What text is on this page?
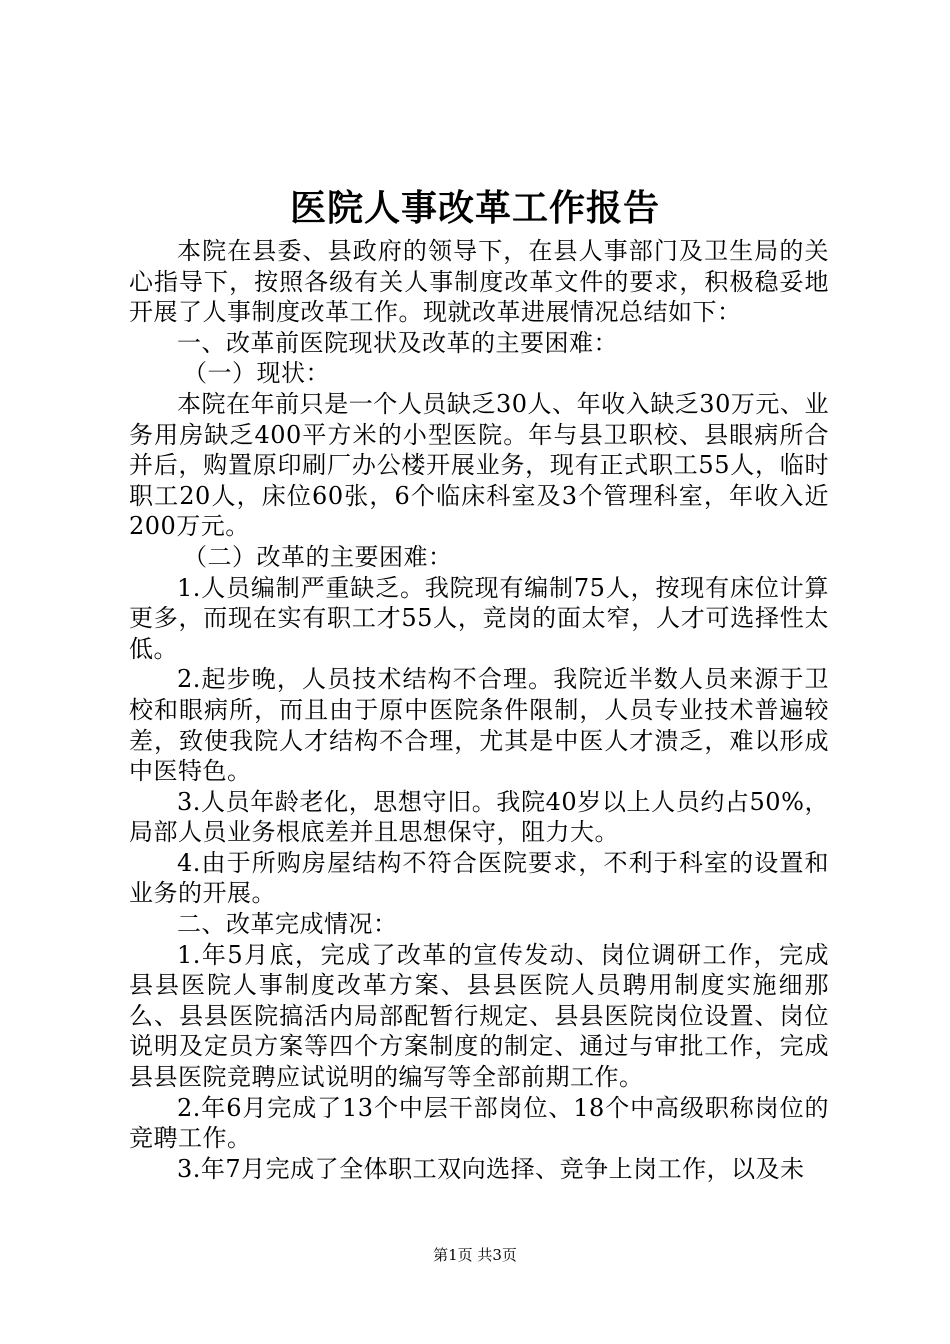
医院人事改革工作报告

本院在县委、县政府的领导下，在县人事部门及卫生局的关心指导下，按照各级有关人事制度改革文件的要求，积极稳妥地开展了人事制度改革工作。现就改革进展情况总结如下：

一、改革前医院现状及改革的主要困难：

（一）现状：

本院在年前只是一个人员缺乏30人、年收入缺乏30万元、业务用房缺乏400平方米的小型医院。年与县卫职校、县眼病所合并后，购置原印刷厂办公楼开展业务，现有正式职工55人，临时职工20人，床位60张，6个临床科室及3个管理科室，年收入近200万元。

（二）改革的主要困难：

1.人员编制严重缺乏。我院现有编制75人，按现有床位计算更多，而现在实有职工才55人，竞岗的面太窄，人才可选择性太低。

2.起步晚，人员技术结构不合理。我院近半数人员来源于卫校和眼病所，而且由于原中医院条件限制，人员专业技术普遍较差，致使我院人才结构不合理，尤其是中医人才溃乏，难以形成中医特色。

3.人员年龄老化，思想守旧。我院40岁以上人员约占50%，局部人员业务根底差并且思想保守，阻力大。

4.由于所购房屋结构不符合医院要求，不利于科室的设置和业务的开展。

二、改革完成情况：

1.年5月底，完成了改革的宣传发动、岗位调研工作，完成县县医院人事制度改革方案、县县医院人员聘用制度实施细那么、县县医院搞活内局部配暂行规定、县县医院岗位设置、岗位说明及定员方案等四个方案制度的制定、通过与审批工作，完成县县医院竞聘应试说明的编写等全部前期工作。

2.年6月完成了13个中层干部岗位、18个中高级职称岗位的竞聘工作。

3.年7月完成了全体职工双向选择、竞争上岗工作，以及未

第1页 共3页
